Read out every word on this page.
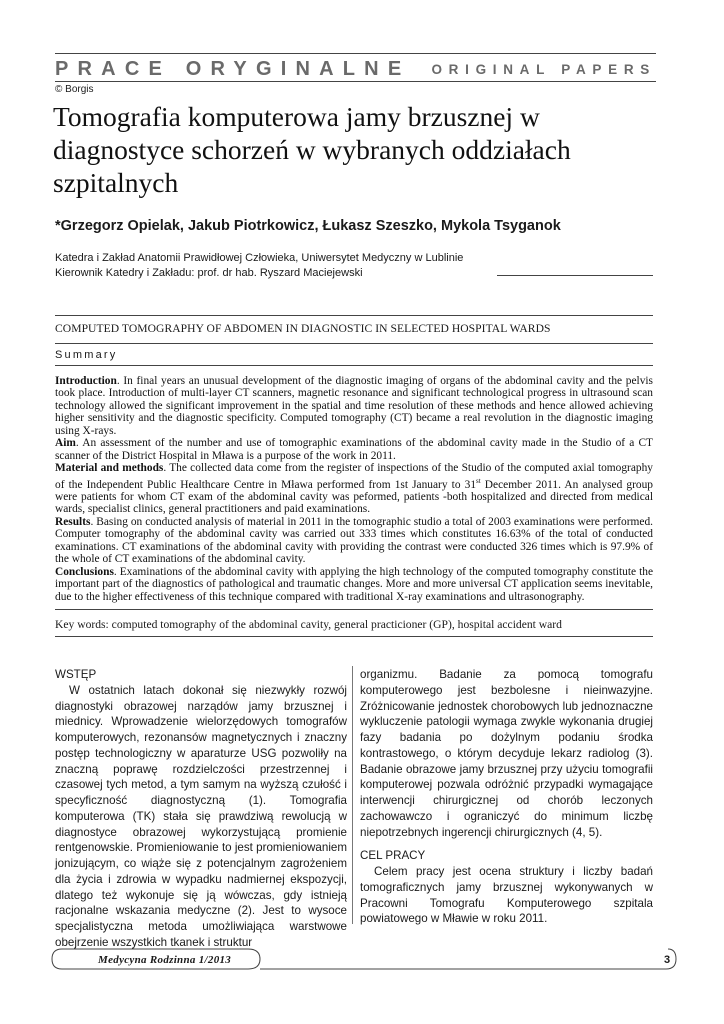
PRACE ORYGINALNE ORIGINAL PAPERS
© Borgis
Tomografia komputerowa jamy brzusznej w diagnostyce schorzeń w wybranych oddziałach szpitalnych
*Grzegorz Opielak, Jakub Piotrkowicz, Łukasz Szeszko, Mykola Tsyganok
Katedra i Zakład Anatomii Prawidłowej Człowieka, Uniwersytet Medyczny w Lublinie
Kierownik Katedry i Zakładu: prof. dr hab. Ryszard Maciejewski
COMPUTED TOMOGRAPHY OF ABDOMEN IN DIAGNOSTIC IN SELECTED HOSPITAL WARDS
Summary

Introduction. In final years an unusual development of the diagnostic imaging of organs of the abdominal cavity and the pelvis took place. Introduction of multi-layer CT scanners, magnetic resonance and significant technological progress in ultrasound scan technology allowed the significant improvement in the spatial and time resolution of these methods and hence allowed achieving higher sensitivity and the diagnostic specificity. Computed tomography (CT) became a real revolution in the diagnostic imaging using X-rays.

Aim. An assessment of the number and use of tomographic examinations of the abdominal cavity made in the Studio of a CT scanner of the District Hospital in Mława is a purpose of the work in 2011.

Material and methods. The collected data come from the register of inspections of the Studio of the computed axial tomography of the Independent Public Healthcare Centre in Mława performed from 1st January to 31st December 2011. An analysed group were patients for whom CT exam of the abdominal cavity was peformed, patients -both hospitalized and directed from medical wards, specialist clinics, general practitioners and paid examinations.

Results. Basing on conducted analysis of material in 2011 in the tomographic studio a total of 2003 examinations were performed. Computer tomography of the abdominal cavity was carried out 333 times which constitutes 16.63% of the total of conducted examinations. CT examinations of the abdominal cavity with providing the contrast were conducted 326 times which is 97.9% of the whole of CT examinations of the abdominal cavity.

Conclusions. Examinations of the abdominal cavity with applying the high technology of the computed tomography constitute the important part of the diagnostics of pathological and traumatic changes. More and more universal CT application seems inevitable, due to the higher effectiveness of this technique compared with traditional X-ray examinations and ultrasonography.

Key words: computed tomography of the abdominal cavity, general practicioner (GP), hospital accident ward

WSTĘP

W ostatnich latach dokonał się niezwykły rozwój diagnostyki obrazowej narządów jamy brzusznej i miednicy. Wprowadzenie wielorzędowych tomografów komputerowych, rezonansów magnetycznych i znaczny postęp technologiczny w aparaturze USG pozwoliły na znaczną poprawę rozdzielczości przestrzennej i czasowej tych metod, a tym samym na wyższą czułość i specyficzność diagnostyczną (1). Tomografia komputerowa (TK) stała się prawdziwą rewolucją w diagnostyce obrazowej wykorzystującą promienie rentgenowskie. Promieniowanie to jest promieniowaniem jonizującym, co wiąże się z potencjalnym zagrożeniem dla życia i zdrowia w wypadku nadmiernej ekspozycji, dlatego też wykonuje się ją wówczas, gdy istnieją racjonalne wskazania medyczne (2). Jest to wysoce specjalistyczna metoda umożliwiająca warstwowe obejrzenie wszystkich tkanek i struktur

organizmu. Badanie za pomocą tomografu komputerowego jest bezbolesne i nieinwazyjne. Zróżnicowanie jednostek chorobowych lub jednoznaczne wykluczenie patologii wymaga zwykle wykonania drugiej fazy badania po dożylnym podaniu środka kontrastowego, o którym decyduje lekarz radiolog (3). Badanie obrazowe jamy brzusznej przy użyciu tomografii komputerowej pozwala odróżnić przypadki wymagające interwencji chirurgicznej od chorób leczonych zachowawczo i ograniczyć do minimum liczbę niepotrzebnych ingerencji chirurgicznych (4, 5).

CEL PRACY

Celem pracy jest ocena struktury i liczby badań tomograficznych jamy brzusznej wykonywanych w Pracowni Tomografu Komputerowego szpitala powiatowego w Mławie w roku 2011.

Medycyna Rodzinna 1/2013	3
